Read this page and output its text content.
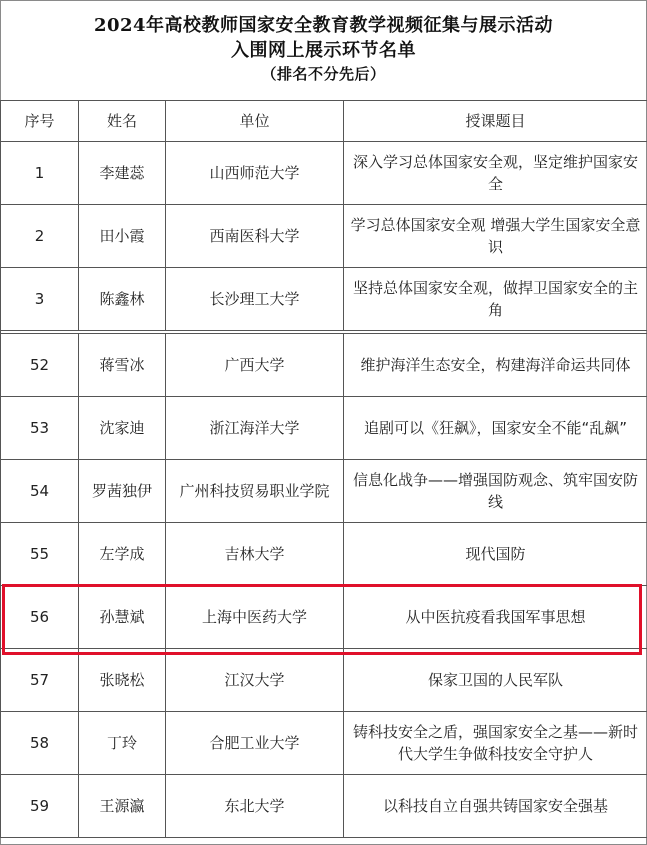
2024年高校教师国家安全教育教学视频征集与展示活动
入围网上展示环节名单
（排名不分先后）
序号	姓名	单位	授课题目
1	李建蕊	山西师范大学	深入学习总体国家安全观，坚定维护国家安全
2	田小霞	西南医科大学	学习总体国家安全观 增强大学生国家安全意识
3	陈鑫林	长沙理工大学	坚持总体国家安全观，做捍卫国家安全的主角

52	蒋雪冰	广西大学	维护海洋生态安全，构建海洋命运共同体
53	沈家迪	浙江海洋大学	追剧可以《狂飙》，国家安全不能“乱飙”
54	罗茜独伊	广州科技贸易职业学院	信息化战争——增强国防观念、筑牢国安防线
55	左学成	吉林大学	现代国防
56	孙慧斌	上海中医药大学	从中医抗疫看我国军事思想
57	张晓松	江汉大学	保家卫国的人民军队
58	丁玲	合肥工业大学	铸科技安全之盾，强国家安全之基——新时代大学生争做科技安全守护人
59	王源瀛	东北大学	以科技自立自强共铸国家安全强基
